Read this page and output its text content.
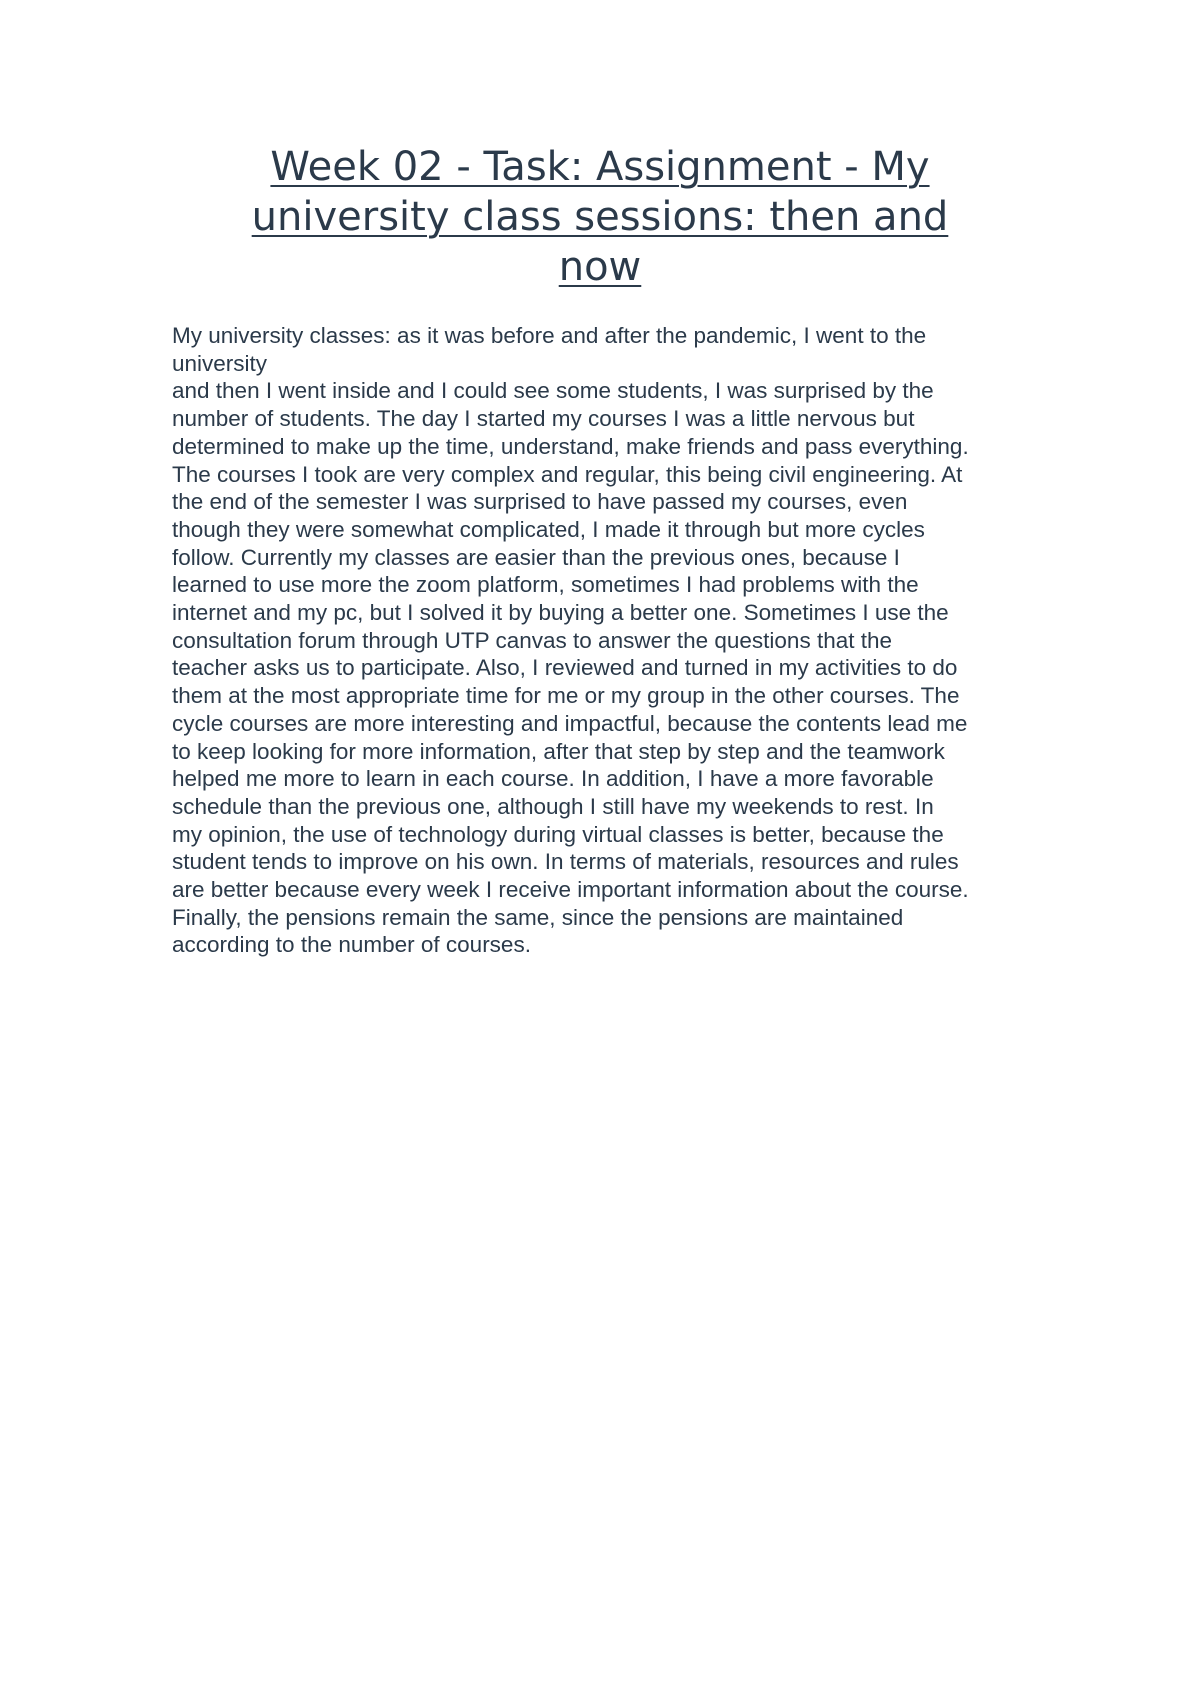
Week 02 - Task: Assignment - My
university class sessions: then and
now
My university classes: as it was before and after the pandemic, I went to the
university
and then I went inside and I could see some students, I was surprised by the
number of students. The day I started my courses I was a little nervous but
determined to make up the time, understand, make friends and pass everything.
The courses I took are very complex and regular, this being civil engineering. At
the end of the semester I was surprised to have passed my courses, even
though they were somewhat complicated, I made it through but more cycles
follow. Currently my classes are easier than the previous ones, because I
learned to use more the zoom platform, sometimes I had problems with the
internet and my pc, but I solved it by buying a better one. Sometimes I use the
consultation forum through UTP canvas to answer the questions that the
teacher asks us to participate. Also, I reviewed and turned in my activities to do
them at the most appropriate time for me or my group in the other courses. The
cycle courses are more interesting and impactful, because the contents lead me
to keep looking for more information, after that step by step and the teamwork
helped me more to learn in each course. In addition, I have a more favorable
schedule than the previous one, although I still have my weekends to rest. In
my opinion, the use of technology during virtual classes is better, because the
student tends to improve on his own. In terms of materials, resources and rules
are better because every week I receive important information about the course.
Finally, the pensions remain the same, since the pensions are maintained
according to the number of courses.
